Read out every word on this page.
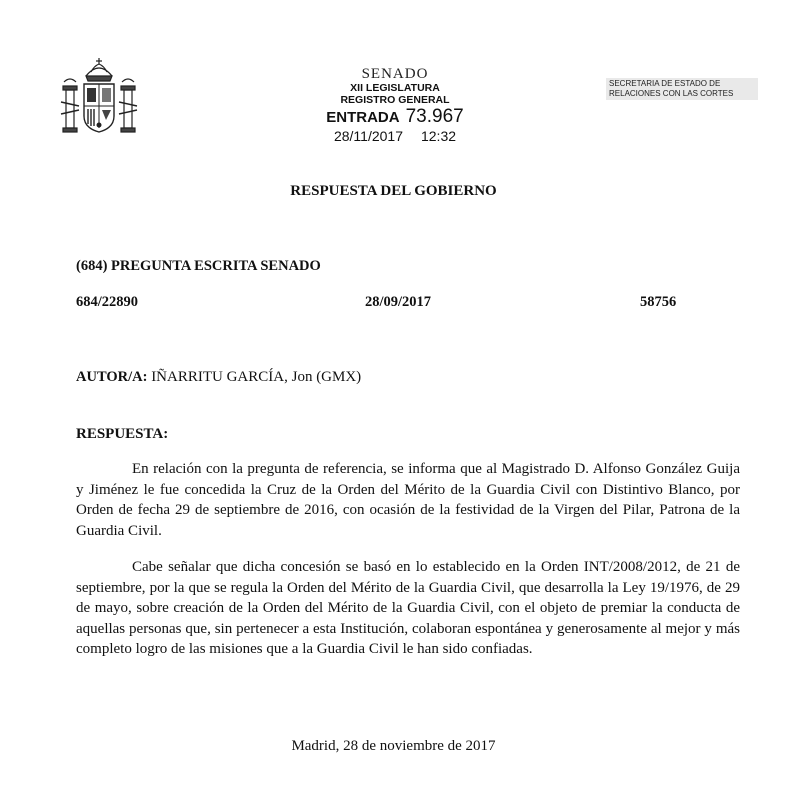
SENADO
XII LEGISLATURA
REGISTRO GENERAL
ENTRADA 73.967
28/11/2017 12:32
SECRETARIA DE ESTADO DE
RELACIONES CON LAS CORTES
RESPUESTA DEL GOBIERNO
(684) PREGUNTA ESCRITA SENADO
684/22890	28/09/2017	58756
AUTOR/A: IÑARRITU GARCÍA, Jon (GMX)
RESPUESTA:

En relación con la pregunta de referencia, se informa que al Magistrado D. Alfonso González Guija y Jiménez le fue concedida la Cruz de la Orden del Mérito de la Guardia Civil con Distintivo Blanco, por Orden de fecha 29 de septiembre de 2016, con ocasión de la festividad de la Virgen del Pilar, Patrona de la Guardia Civil.

Cabe señalar que dicha concesión se basó en lo establecido en la Orden INT/2008/2012, de 21 de septiembre, por la que se regula la Orden del Mérito de la Guardia Civil, que desarrolla la Ley 19/1976, de 29 de mayo, sobre creación de la Orden del Mérito de la Guardia Civil, con el objeto de premiar la conducta de aquellas personas que, sin pertenecer a esta Institución, colaboran espontánea y generosamente al mejor y más completo logro de las misiones que a la Guardia Civil le han sido confiadas.

Madrid, 28 de noviembre de 2017
